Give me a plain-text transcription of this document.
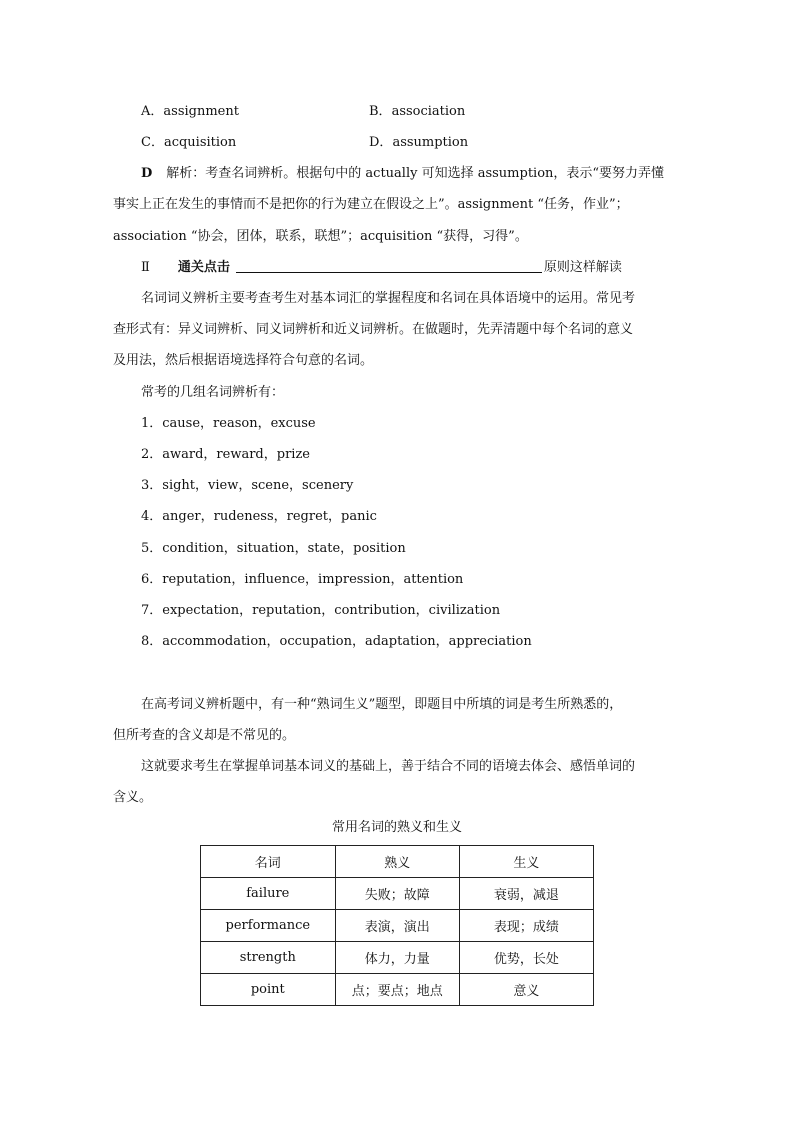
A．assignment	B．association
C．acquisition	D．assumption
D 解析：考查名词辨析。根据句中的 actually 可知选择 assumption，表示“要努力弄懂
事实上正在发生的事情而不是把你的行为建立在假设之上”。assignment “任务，作业”；
association “协会，团体，联系，联想”；acquisition “获得，习得”。
Ⅱ 通关点击	原则这样解读
名词词义辨析主要考查考生对基本词汇的掌握程度和名词在具体语境中的运用。常见考
查形式有：异义词辨析、同义词辨析和近义词辨析。在做题时，先弄清题中每个名词的意义
及用法，然后根据语境选择符合句意的名词。
常考的几组名词辨析有：
1．cause，reason，excuse
2．award，reward，prize
3．sight，view，scene，scenery
4．anger，rudeness，regret，panic
5．condition，situation，state，position
6．reputation，influence，impression，attention
7．expectation，reputation，contribution，civilization
8．accommodation，occupation，adaptation，appreciation
在高考词义辨析题中，有一种“熟词生义”题型，即题目中所填的词是考生所熟悉的，
但所考查的含义却是不常见的。
这就要求考生在掌握单词基本词义的基础上，善于结合不同的语境去体会、感悟单词的
含义。
常用名词的熟义和生义
名词	熟义	生义
failure	失败；故障	衰弱，减退
performance	表演，演出	表现；成绩
strength	体力，力量	优势，长处
point	点；要点；地点	意义
